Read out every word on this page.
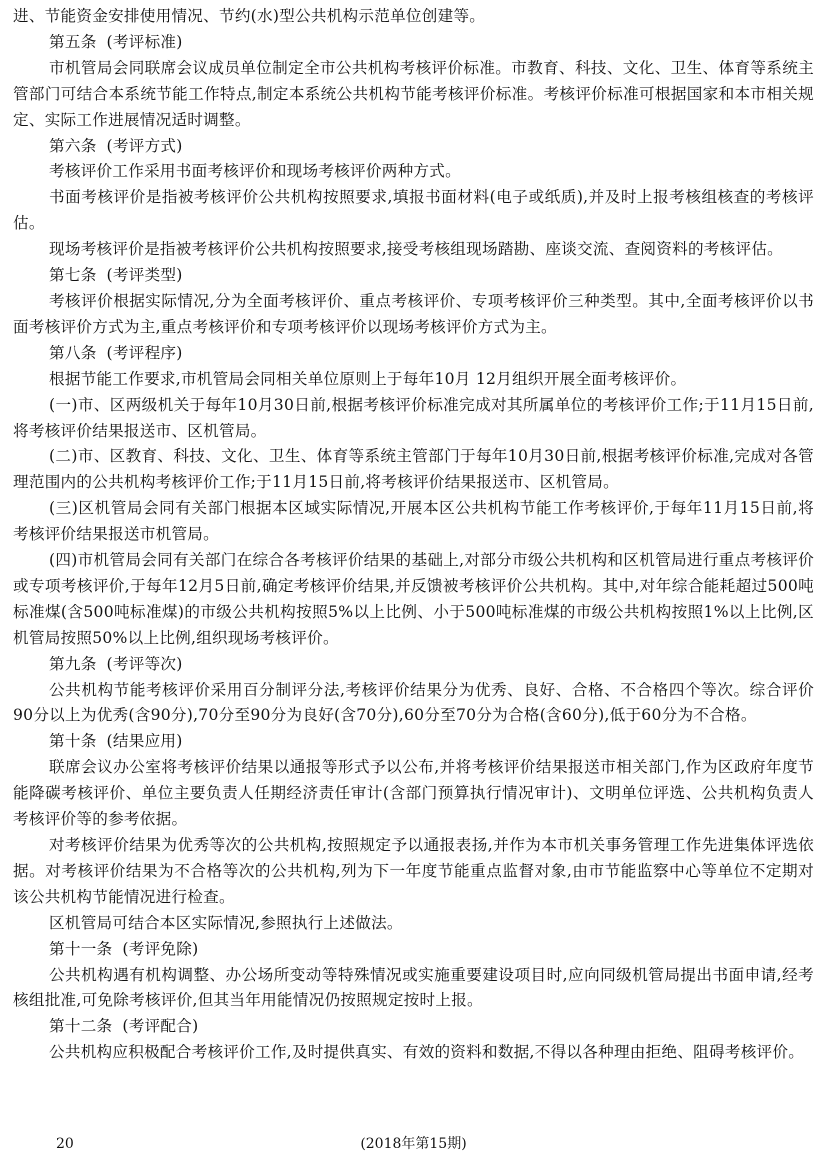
进、节能资金安排使用情况、节约(水)型公共机构示范单位创建等。

第五条 (考评标准)

市机管局会同联席会议成员单位制定全市公共机构考核评价标准。市教育、科技、文化、卫生、体育等系统主管部门可结合本系统节能工作特点,制定本系统公共机构节能考核评价标准。考核评价标准可根据国家和本市相关规定、实际工作进展情况适时调整。

第六条 (考评方式)

考核评价工作采用书面考核评价和现场考核评价两种方式。

书面考核评价是指被考核评价公共机构按照要求,填报书面材料(电子或纸质),并及时上报考核组核查的考核评估。

现场考核评价是指被考核评价公共机构按照要求,接受考核组现场踏勘、座谈交流、查阅资料的考核评估。

第七条 (考评类型)

考核评价根据实际情况,分为全面考核评价、重点考核评价、专项考核评价三种类型。其中,全面考核评价以书面考核评价方式为主,重点考核评价和专项考核评价以现场考核评价方式为主。

第八条 (考评程序)

根据节能工作要求,市机管局会同相关单位原则上于每年10月 12月组织开展全面考核评价。

(一)市、区两级机关于每年10月30日前,根据考核评价标准完成对其所属单位的考核评价工作;于11月15日前,将考核评价结果报送市、区机管局。

(二)市、区教育、科技、文化、卫生、体育等系统主管部门于每年10月30日前,根据考核评价标准,完成对各管理范围内的公共机构考核评价工作;于11月15日前,将考核评价结果报送市、区机管局。

(三)区机管局会同有关部门根据本区域实际情况,开展本区公共机构节能工作考核评价,于每年11月15日前,将考核评价结果报送市机管局。

(四)市机管局会同有关部门在综合各考核评价结果的基础上,对部分市级公共机构和区机管局进行重点考核评价或专项考核评价,于每年12月5日前,确定考核评价结果,并反馈被考核评价公共机构。其中,对年综合能耗超过500吨标准煤(含500吨标准煤)的市级公共机构按照5%以上比例、小于500吨标准煤的市级公共机构按照1%以上比例,区机管局按照50%以上比例,组织现场考核评价。

第九条 (考评等次)

公共机构节能考核评价采用百分制评分法,考核评价结果分为优秀、良好、合格、不合格四个等次。综合评价90分以上为优秀(含90分),70分至90分为良好(含70分),60分至70分为合格(含60分),低于60分为不合格。

第十条 (结果应用)

联席会议办公室将考核评价结果以通报等形式予以公布,并将考核评价结果报送市相关部门,作为区政府年度节能降碳考核评价、单位主要负责人任期经济责任审计(含部门预算执行情况审计)、文明单位评选、公共机构负责人考核评价等的参考依据。

对考核评价结果为优秀等次的公共机构,按照规定予以通报表扬,并作为本市机关事务管理工作先进集体评选依据。对考核评价结果为不合格等次的公共机构,列为下一年度节能重点监督对象,由市节能监察中心等单位不定期对该公共机构节能情况进行检查。

区机管局可结合本区实际情况,参照执行上述做法。

第十一条 (考评免除)

公共机构遇有机构调整、办公场所变动等特殊情况或实施重要建设项目时,应向同级机管局提出书面申请,经考核组批准,可免除考核评价,但其当年用能情况仍按照规定按时上报。

第十二条 (考评配合)

公共机构应积极配合考核评价工作,及时提供真实、有效的资料和数据,不得以各种理由拒绝、阻碍考核评价。

20	(2018年第15期)
